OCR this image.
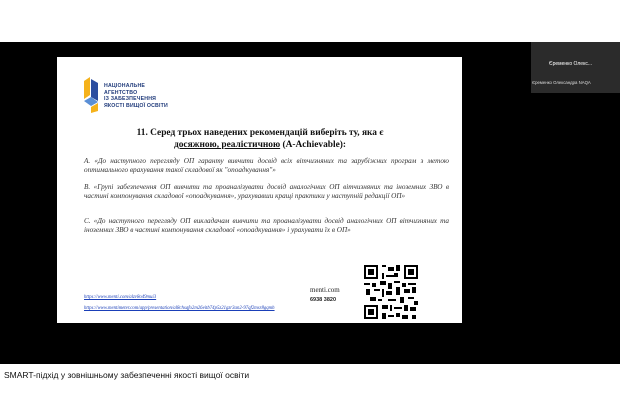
НАЦІОНАЛЬНЕ
АГЕНТСТВО
ІЗ ЗАБЕЗПЕЧЕННЯ
ЯКОСТІ ВИЩОЇ ОСВІТИ
11. Серед трьох наведених рекомендацій виберіть ту, яка є
досяжною, реалістичною (A-Achievable):
А. «До наступного перегляду ОП гаранту вивчити досвід всіх вітчизняних та зарубіжних програм з метою оптимального врахування такої складової як "опоадкування"»
В. «Групі забезпечення ОП вивчити та проаналізувати досвід аналогічних ОП вітчизняних та іноземних ЗВО в частині компонування складової «опоадкування», урахувавши кращі практики у наступній редакції ОП»
С. «До наступного перегляду ОП викладачам вивчити та проаналізувати досвід аналогічних ОП вітчизняних та іноземних ЗВО в частині компонування складової «опоадкування» і урахувати їх в ОП»
https://www.menti.com/alzv8o49mui3
https://www.mentimeter.com/app/presentation/al8chsqfo2m26eitb74p5z21gzr3an2-97qf2msr8gqmh
menti.com
6938 3820
Єременко Олекс...
Єременко Олександра NAQA
SMART-підхід у зовнішньому забезпеченні якості вищої освіти
